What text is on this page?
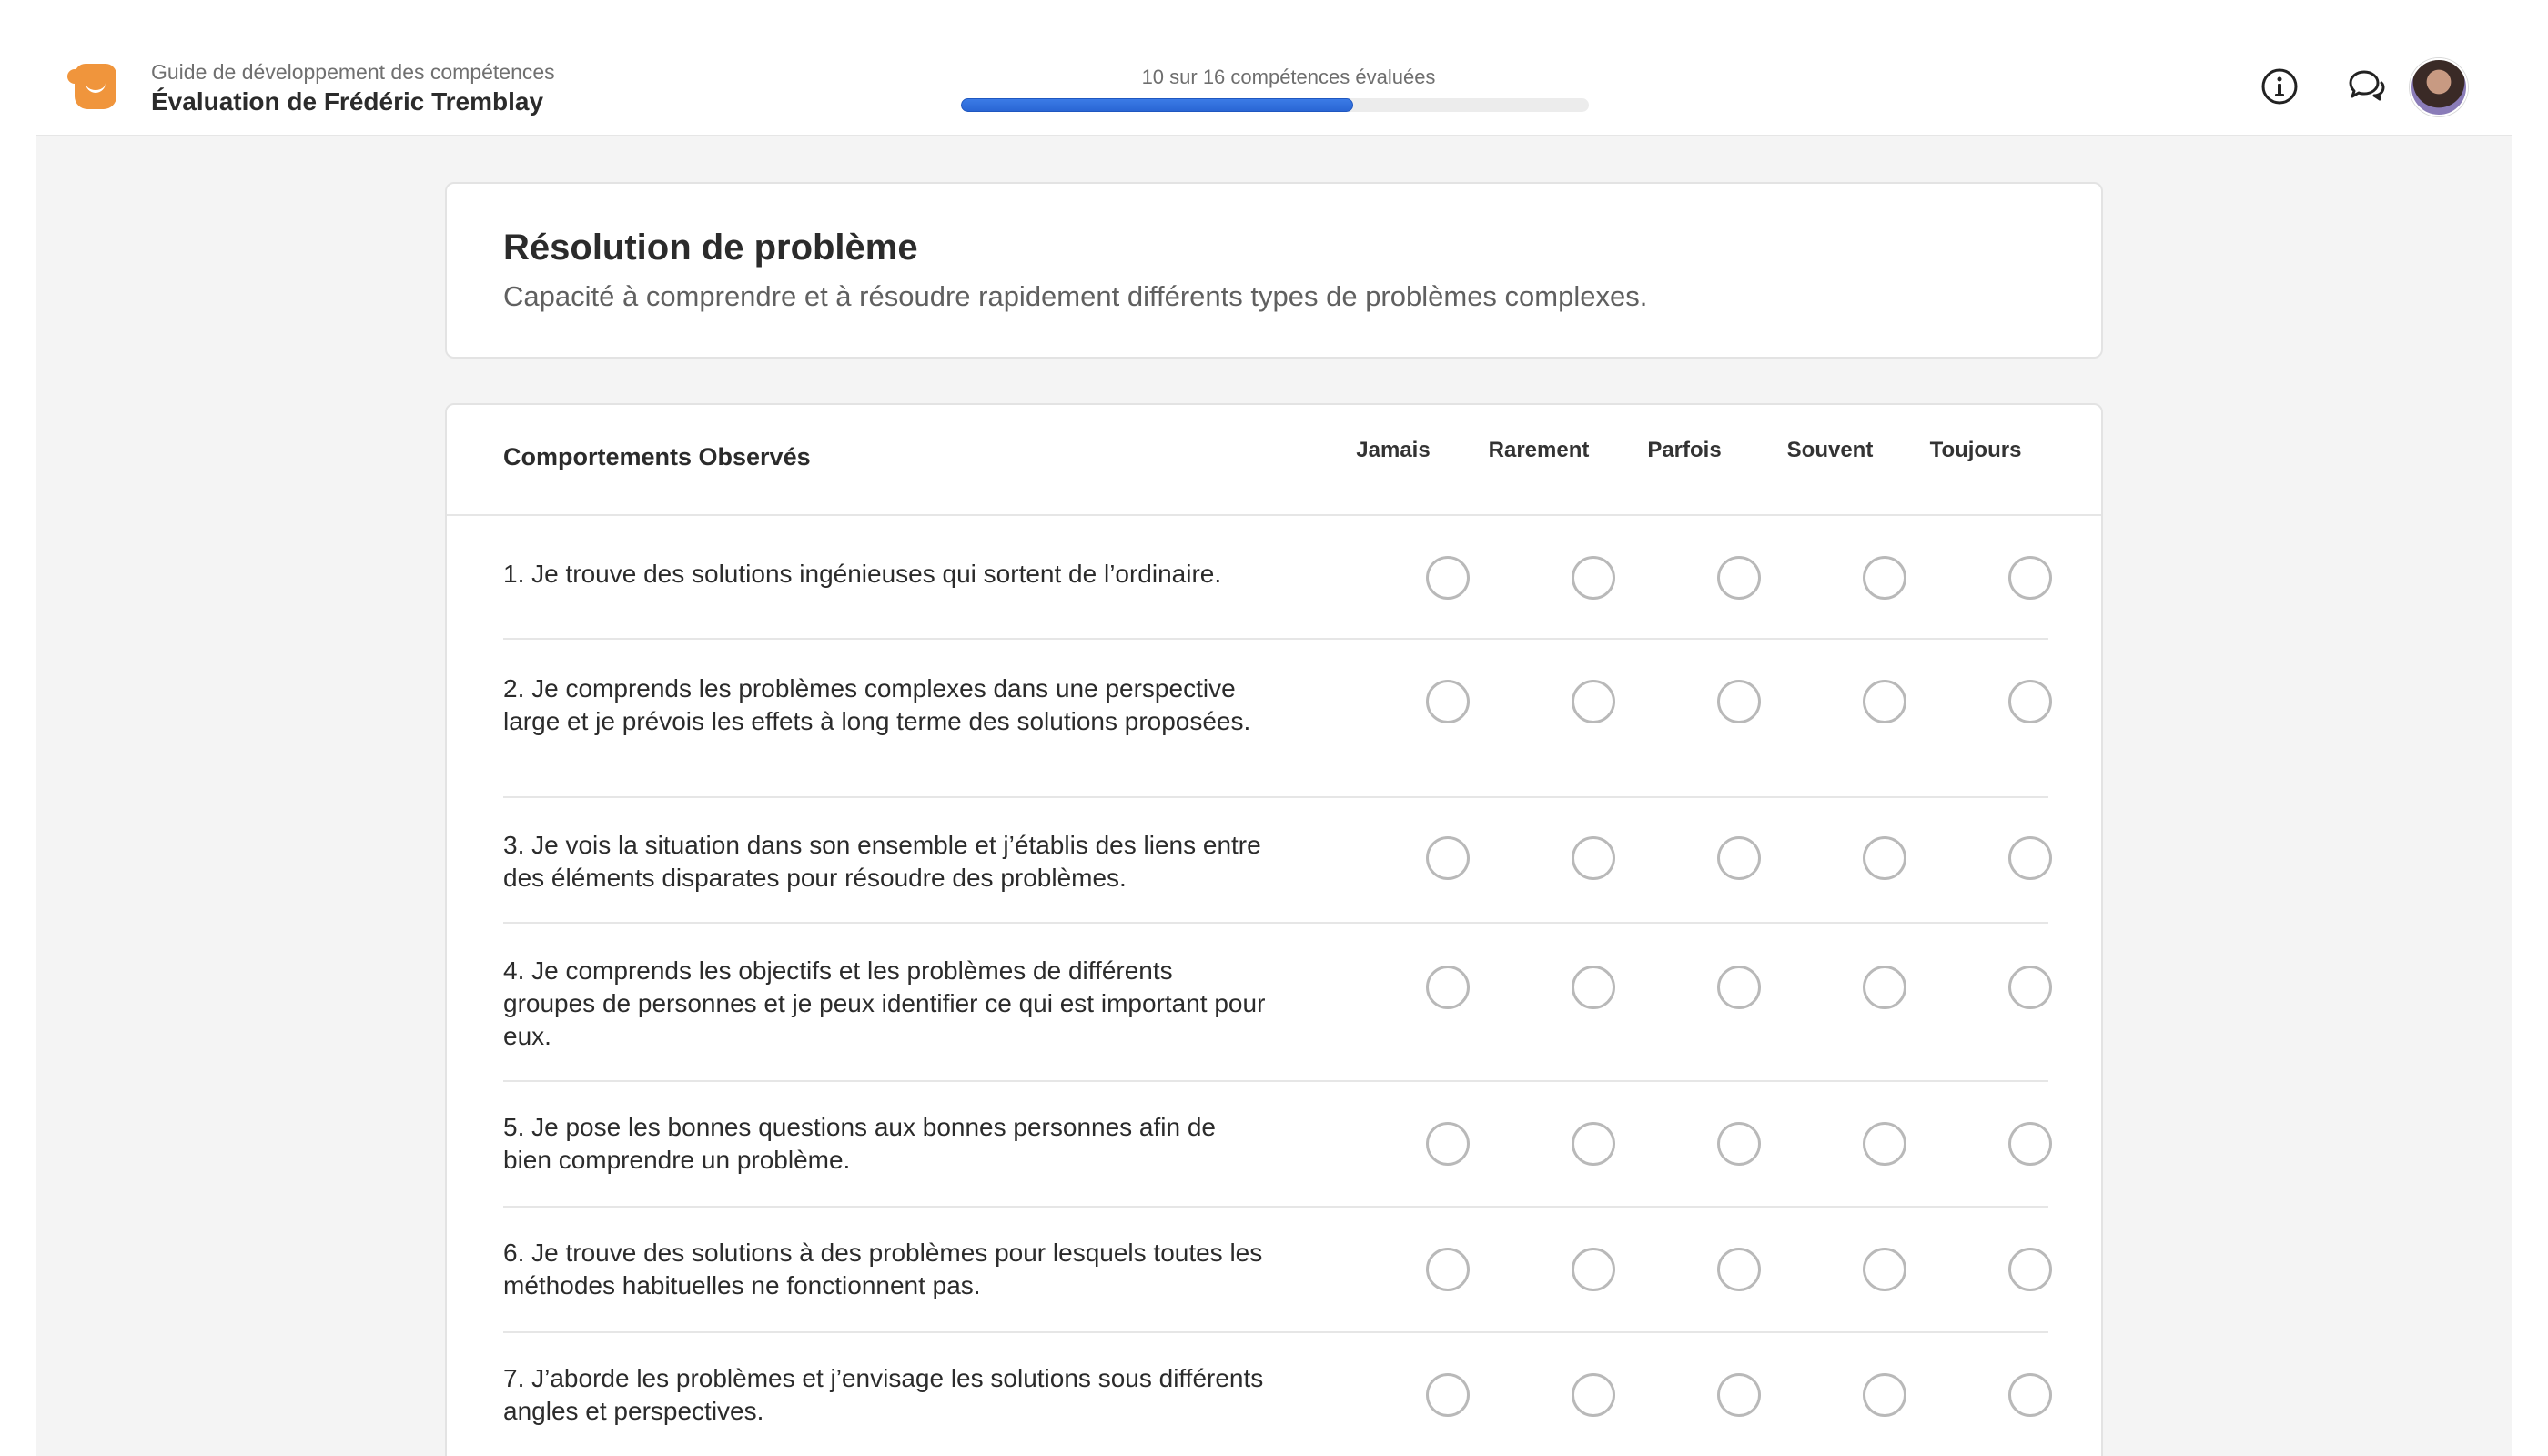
Guide de développement des compétences
Évaluation de Frédéric Tremblay
10 sur 16 compétences évaluées
Résolution de problème
Capacité à comprendre et à résoudre rapidement différents types de problèmes complexes.
Comportements Observés	Jamais	Rarement	Parfois	Souvent	Toujours
1. Je trouve des solutions ingénieuses qui sortent de l’ordinaire.
2. Je comprends les problèmes complexes dans une perspective large et je prévois les effets à long terme des solutions proposées.
3. Je vois la situation dans son ensemble et j’établis des liens entre des éléments disparates pour résoudre des problèmes.
4. Je comprends les objectifs et les problèmes de différents groupes de personnes et je peux identifier ce qui est important pour eux.
5. Je pose les bonnes questions aux bonnes personnes afin de bien comprendre un problème.
6. Je trouve des solutions à des problèmes pour lesquels toutes les méthodes habituelles ne fonctionnent pas.
7. J’aborde les problèmes et j’envisage les solutions sous différents angles et perspectives.
